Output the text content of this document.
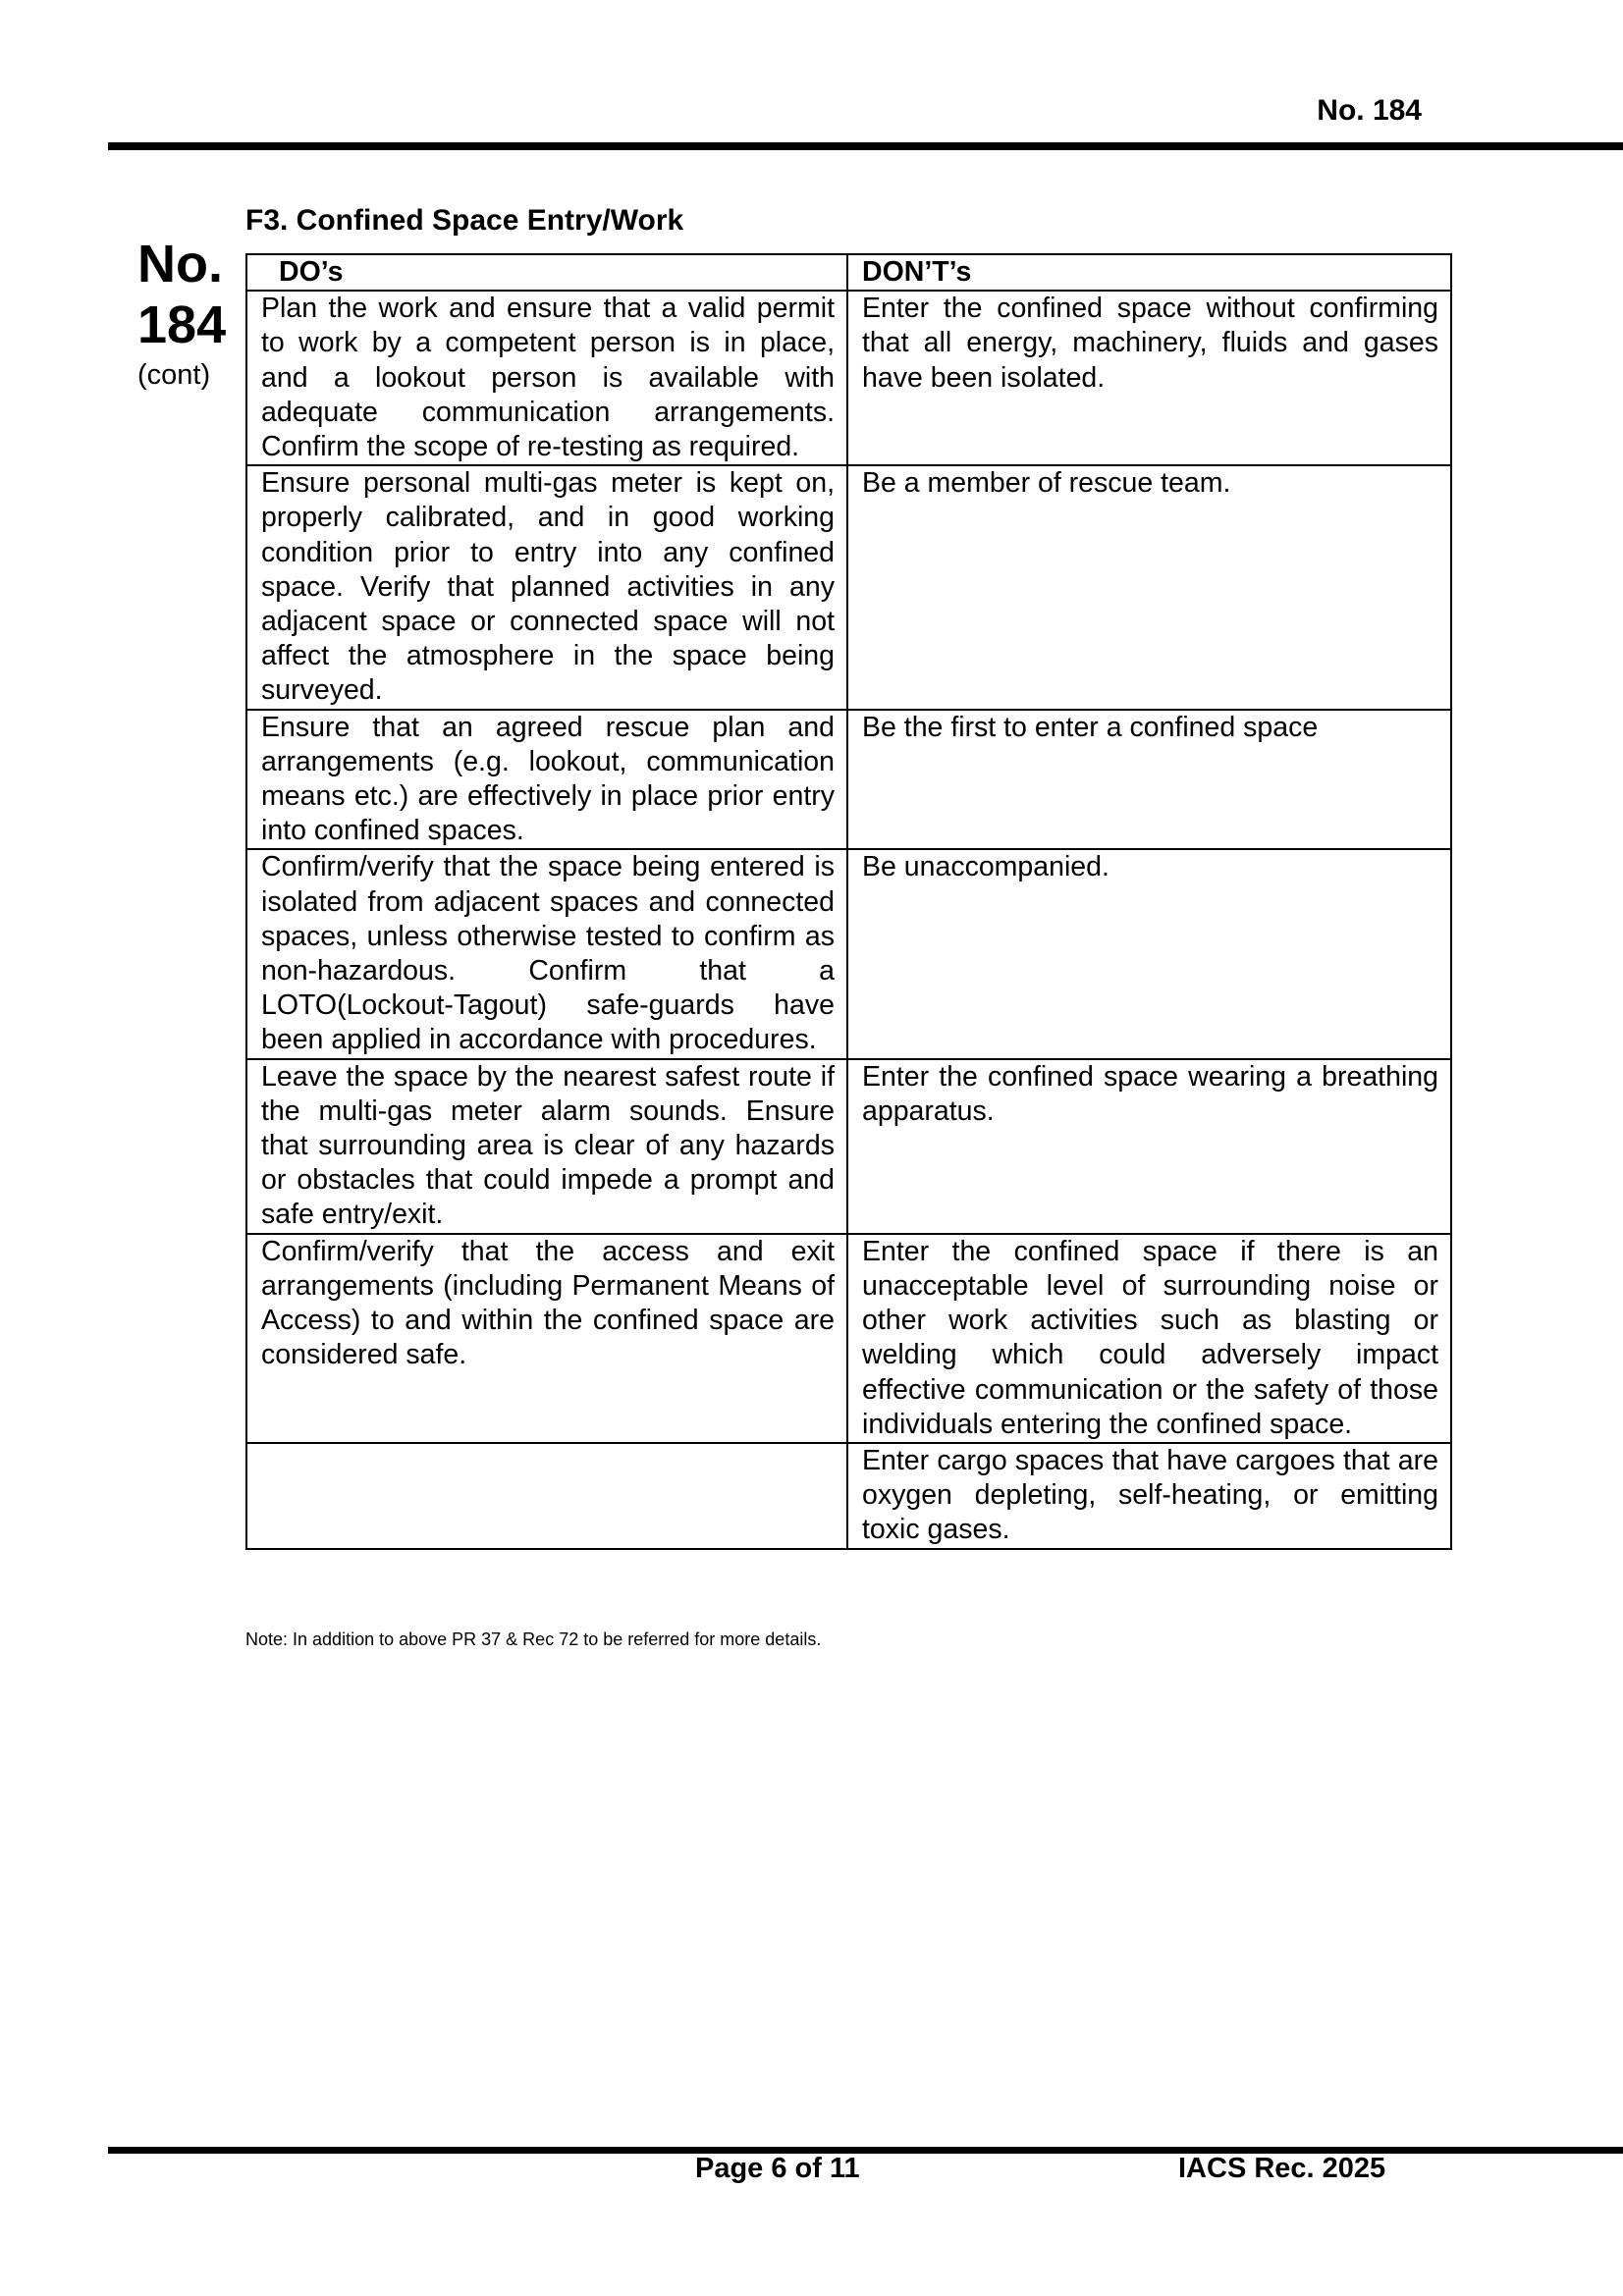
No. 184
No.
184
(cont)
F3. Confined Space Entry/Work
DO’s	DON’T’s
Plan the work and ensure that a valid permit to work by a competent person is in place, and a lookout person is available with adequate communication arrangements. Confirm the scope of re-testing as required.	Enter the confined space without confirming that all energy, machinery, fluids and gases have been isolated.
Ensure personal multi-gas meter is kept on, properly calibrated, and in good working condition prior to entry into any confined space. Verify that planned activities in any adjacent space or connected space will not affect the atmosphere in the space being surveyed.	Be a member of rescue team.
Ensure that an agreed rescue plan and arrangements (e.g. lookout, communication means etc.) are effectively in place prior entry into confined spaces.	Be the first to enter a confined space
Confirm/verify that the space being entered is isolated from adjacent spaces and connected spaces, unless otherwise tested to confirm as non-hazardous. Confirm that a LOTO(Lockout-Tagout) safe-guards have been applied in accordance with procedures.	Be unaccompanied.
Leave the space by the nearest safest route if the multi-gas meter alarm sounds. Ensure that surrounding area is clear of any hazards or obstacles that could impede a prompt and safe entry/exit.	Enter the confined space wearing a breathing apparatus.
Confirm/verify that the access and exit arrangements (including Permanent Means of Access) to and within the confined space are considered safe.	Enter the confined space if there is an unacceptable level of surrounding noise or other work activities such as blasting or welding which could adversely impact effective communication or the safety of those individuals entering the confined space.
	Enter cargo spaces that have cargoes that are oxygen depleting, self-heating, or emitting toxic gases.
Note: In addition to above PR 37 & Rec 72 to be referred for more details.
Page 6 of 11	IACS Rec. 2025
